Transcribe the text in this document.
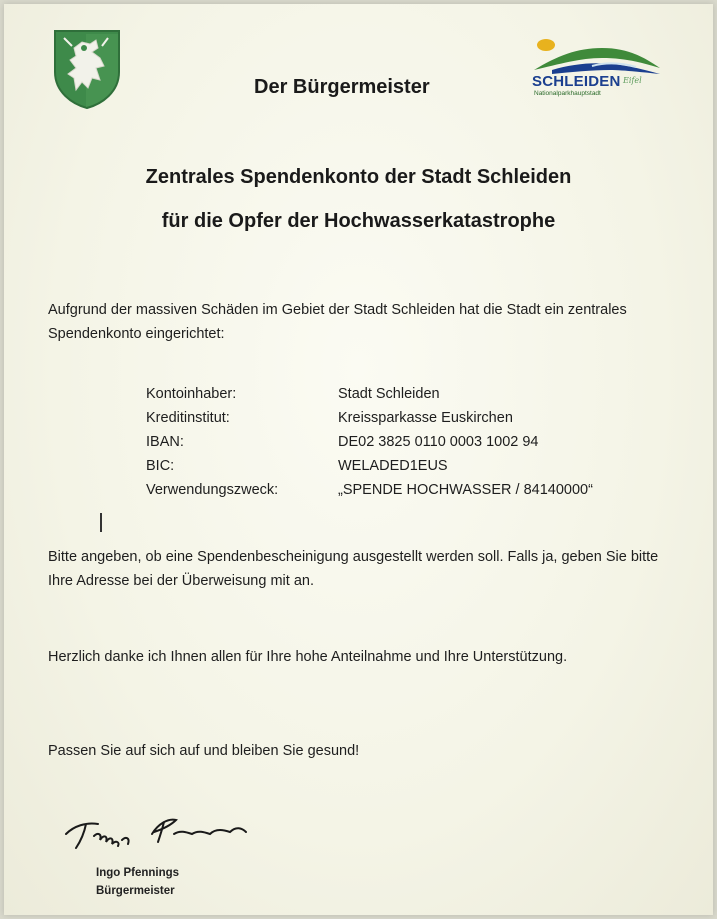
SCHLEIDEN
Nationalparkhauptstadt
Eifel
Der Bürgermeister
Zentrales Spendenkonto der Stadt Schleiden
für die Opfer der Hochwasserkatastrophe
Aufgrund der massiven Schäden im Gebiet der Stadt Schleiden hat die Stadt ein zentrales Spendenkonto eingerichtet:
Kontoinhaber:	Stadt Schleiden
Kreditinstitut:	Kreissparkasse Euskirchen
IBAN:	DE02 3825 0110 0003 1002 94
BIC:	WELADED1EUS
Verwendungszweck:	„SPENDE HOCHWASSER / 84140000“
Bitte angeben, ob eine Spendenbescheinigung ausgestellt werden soll. Falls ja, geben Sie bitte Ihre Adresse bei der Überweisung mit an.
Herzlich danke ich Ihnen allen für Ihre hohe Anteilnahme und Ihre Unterstützung.
Passen Sie auf sich auf und bleiben Sie gesund!
Ingo Pfennings
Bürgermeister
